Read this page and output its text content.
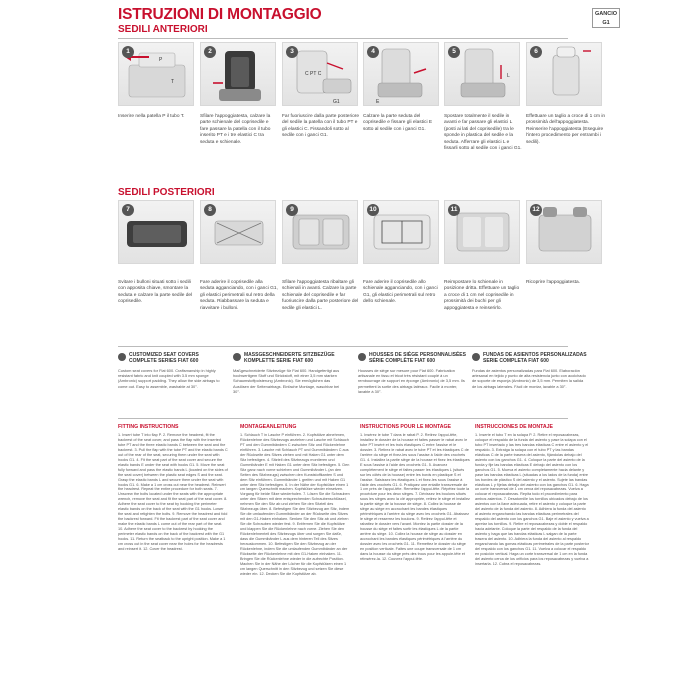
ISTRUZIONI DI MONTAGGIO
SEDILI ANTERIORI
GANCIO
G1
P
T
1	2
C PT C
G1
3
E
4
L
5	6
Inserire nella patella P il tubo T.	Sfilare l'appoggiatesta, calzare la parte schienale del coprisedile e fare passare la patella con il tubo inserito PT e i tre elastici C tra seduta e schienale.
Far fuoriuscire dalla parte posteriore del sedile la patella con il tubo PT e gli elastici C. Fissandoli sotto al sedile con i ganci G1.
Calzare la parte seduta del coprisedile e fissare gli elastici E sotto al sedile con i ganci G1.
Spostare totalmente il sedile in avanti e far passare gli elastici L (posti ai lati del coprisedile) tra le sponde in plastica del sedile e la seduta. Afferrare gli elastici L e fissarli sotto al sedile con i ganci G1.
Effettuare un taglio a croce di 1 cm in prossimità dell'appoggiatesta. Reinserire l'appoggiatesta (Eseguire l'intero procedimento per entrambi i sedili).
SEDILI POSTERIORI
7	8	9	10	11	12
Svitare i bulloni situati sotto i sedili con apposita chiave, smontare la seduta e calzare la parte sedile del coprisedile.
Fare aderire il coprisedile alla seduta agganciando, con i ganci G1, gli elastici perimetrali sul retro della seduta. Riabbassare la seduta e riavvitare i bulloni.
Sfilare l'appoggiatesta ribaltare gli schienali in avanti. Calzare la parte schienale del coprisedile e far fuoriuscire dalla parte posteriore del sedile gli elastici L.
Fare aderire il coprisedile allo schienale agganciando, con i ganci G1, gli elastici perimetrali sul retro dello schienale.
Reimpostare lo schienale in posizione dritta. Effettuare un taglio a croce di 1 cm nel coprisedile in prossimità dei buchi per gli appoggiatesta e reinserirlo.
Ricoprire l'appoggiatesta.
CUSTOMIZED SEAT COVERS COMPLETE SERIES FIAT 600
Custom seat covers for Fiat 600. Craftsmanship in highly resistant fabric and knit coupled with 3.5 mm sponge (Ambronic) support padding. They allow the side airbags to come out. Easy to assemble, washable at 30°.
MASSGESCHNEIDERTE SITZBEZÜGE KOMPLETTE SERIE FIAT 600
Maßgeschneiderte Sitzbezüge für Fiat 600. Handgefertigt aus hochwertigem Stoff und Strickstoff, mit einer 3,5 mm starken Schaumstoffpolsterung (Ambronic). Sie ermöglichen das Auslösen der Seitenairbags. Einfache Montage, waschbar bei 30°.
HOUSSES DE SIÈGE PERSONNALISÉES SÉRIE COMPLÈTE FIAT 600
Housses de siège sur mesure pour Fiat 600. Fabrication artisanale en tissu et tricot très résistant couplé à un rembourrage de support en éponge (Ambronic) de 3,5 mm. Ils permettent la sortie des airbags latéraux. Facile à monter, lavable à 30°.
FUNDAS DE ASIENTOS PERSONALIZADAS SERIE COMPLETA FIAT 600
Fundas de asientos personalizadas para Fiat 600. Elaboración artesanal en tejido y punto de alta resistencia junto con acolchado de soporte de esponja (Ambronic) de 3,5 mm. Permiten la salida de los airbags laterales. Fácil de montar, lavable a 30°.
FITTING INSTRUCTIONS
1. Insert tube T into flap P. 2. Remove the headrest, fit the backrest of the seat cover, and pass the flap with the inserted tube PT and the three elastic bands C between the seat and the backrest. 3. Pull the flap with the tube PT and the elastic bands C out of the rear of the seat, securing them under the seat with hooks G1. 4. Fit the seat part of the seat cover and secure the elastic bands E under the seat with hooks G1. 5. Move the seat fully forward and pass the elastic bands L (located on the sides of the seat cover) between the plastic seat edges S and the seat. Grasp the elastic bands L and secure them under the seat with hooks G1. 6. Make a 1 cm cross cut near the headrest. Reinsert the headrest. Repeat the entire procedure for both seats. 7. Unscrew the bolts located under the seats with the appropriate wrench, remove the seat and fit the seat part of the seat cover. 8. Adhere the seat cover to the seat by hooking the perimeter elastic bands on the back of the seat with the G1 hooks. Lower the seat and retighten the bolts. 9. Remove the headrest and fold the backrest forward. Fit the backrest part of the seat cover and make the elastic bands L come out of the rear part of the seat. 10. Adhere the seat cover to the backrest by hooking the perimeter elastic bands on the back of the backrest with the G1 hooks. 11. Return the seatback to the upright position. Make a 1 cm cross cut in the seat cover near the holes for the headrests and reinsert it. 12. Cover the headrest.
MONTAGEANLEITUNG
1. Schlauch T in Lasche P einführen. 2. Kopfstütze abnehmen, Rückenlehne des Sitzbezugs anziehen und Lasche mit Schlauch PT und den Gummibändern C zwischen Sitz und Rückenlehne einführen. 3. Lasche mit Schlauch PT und Gummibändern C aus der Rückseite des Sitzes ziehen und mit Haken G1 unter dem Sitz befestigen. 4. Sitzteil des Sitzbezugs montieren und Gummibänder E mit Haken G1 unter dem Sitz befestigen. 5. Den Sitz ganz nach vorne schieben und Gummibänder L (an den Seiten des Sitzbezugs) zwischen den Kunststoffkanten S und dem Sitz einführen. Gummibänder L greifen und mit Haken G1 unter dem Sitz befestigen. 6. In der Nähe der Kopfstütze einen 1 cm langen Querschnitt machen. Kopfstütze wieder einsetzen. Vorgang für beide Sitze wiederholen. 7. Lösen Sie die Schrauben unter den Sitzen mit dem entsprechenden Schraubenschlüssel, nehmen Sie den Sitz ab und ziehen Sie den Sitzteil des Sitzbezugs über. 8. Befestigen Sie den Sitzbezug am Sitz, indem Sie die umlaufenden Gummibänder an der Rückseite des Sitzes mit den G1-Haken einhaken. Senken Sie den Sitz ab und ziehen Sie die Schrauben wieder fest. 9. Entfernen Sie die Kopfstütze und klappen Sie die Rückenlehne nach vorne. Ziehen Sie den Rückenlehnenteil des Sitzbezugs über und sorgen Sie dafür, dass die Gummibänder L aus dem hinteren Teil des Sitzes herauskommen. 10. Befestigen Sie den Sitzbezug an der Rückenlehne, indem Sie die umlaufenden Gummibänder an der Rückseite der Rückenlehne mit den G1-Haken einhaken. 11. Bringen Sie die Rückenlehne wieder in die aufrechte Position. Machen Sie in der Nähe der Löcher für die Kopfstützen einen 1 cm langen Querschnitt in den Sitzbezug und setzen Sie diese wieder ein. 12. Decken Sie die Kopfstütze ab.
INSTRUCTIONS POUR LE MONTAGE
1. Insérez le tube T dans le rabat P. 2. Retirez l'appui-tête, installez le dossier de la housse et faites passer le rabat avec le tube PT inséré et les trois élastiques C entre l'assise et le dossier. 3. Retirez le rabat avec le tube PT et les élastiques C de l'arrière du siège et fixez-les sous l'assise à l'aide des crochets G1. 4. Installez la partie siège de la housse et fixez les élastiques E sous l'assise à l'aide des crochets G1. 5. Avancez complètement le siège et faites passer les élastiques L (situés sur les côtés de la housse) entre les bords en plastique S et l'assise. Saisissez les élastiques L et fixez-les sous l'assise à l'aide des crochets G1. 6. Pratiquez une entaille transversale de 1 cm près de l'appui-tête. Remettez l'appui-tête. Répétez toute la procédure pour les deux sièges. 7. Dévissez les boulons situés sous les sièges avec la clé appropriée, retirez le siège et installez la partie siège de la housse de siège. 8. Collez la housse de siège au siège en accrochant les bandes élastiques périmétriques à l'arrière du siège avec les crochets G1. Abaissez le siège et resserrez les boulons. 9. Retirez l'appui-tête et rabattez le dossier vers l'avant. Montez la partie dossier de la housse du siège et faites sortir les élastiques L de la partie arrière du siège. 10. Collez la housse de siège au dossier en accrochant les bandes élastiques périmétriques à l'arrière du dossier avec les crochets G1. 11. Remettez le dossier du siège en position verticale. Faites une coupe transversale de 1 cm dans la housse du siège près des trous pour les appuie-tête et réinsérez-la. 12. Couvrez l'appui-tête.
INSTRUCCIONES DE MONTAJE
1. Inserte el tubo T en la solapa P. 2. Retire el reposacabezas, coloque el respaldo de la funda del asiento y pase la solapa con el tubo PT insertado y las tres bandas elásticas C entre el asiento y el respaldo. 3. Extraiga la solapa con el tubo PT y las bandas elásticas C de la parte trasera del asiento, fijándolas debajo del asiento con los ganchos G1. 4. Coloque la parte del asiento de la funda y fije las bandas elásticas E debajo del asiento con los ganchos G1. 5. Mueva el asiento completamente hacia delante y pase las bandas elásticas L (situadas a los lados de la funda) entre los bordes de plástico S del asiento y el asiento. Sujete las bandas elásticas L y fíjelas debajo del asiento con los ganchos G1. 6. Haga un corte transversal de 1 cm cerca del reposacabezas. Vuelva a colocar el reposacabezas. Repita todo el procedimiento para ambos asientos. 7. Desatornille los tornillos ubicados debajo de los asientos con la llave adecuada, retire el asiento y coloque la parte del asiento de la funda del asiento. 8. Adhiera la funda del asiento al asiento enganchando las bandas elásticas perimetrales del respaldo del asiento con los ganchos G1. Baje el asiento y vuelva a apretar los tornillos. 9. Retire el reposacabezas y doble el respaldo hacia adelante. Coloque la parte del respaldo de la funda del asiento y haga que las bandas elásticas L salgan de la parte trasera del asiento. 10. Adhiera la funda del asiento al respaldo enganchando las gomas elásticas perimetrales de la parte posterior del respaldo con los ganchos G1. 11. Vuelva a colocar el respaldo en posición vertical. Haga un corte transversal de 1 cm en la funda del asiento cerca de los orificios para los reposacabezas y vuelva a insertarla. 12. Cubra el reposacabezas.
